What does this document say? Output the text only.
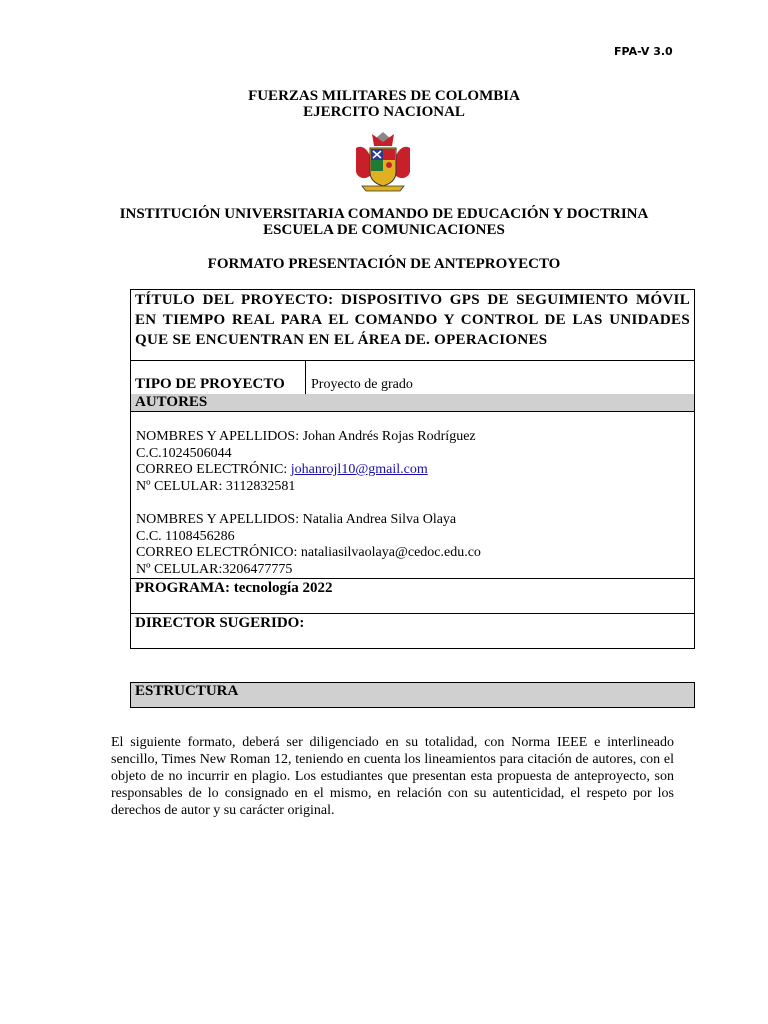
FPA-V 3.0
FUERZAS MILITARES DE COLOMBIA
EJERCITO NACIONAL
INSTITUCIÓN UNIVERSITARIA COMANDO DE EDUCACIÓN Y DOCTRINA
ESCUELA DE COMUNICACIONES
FORMATO PRESENTACIÓN DE ANTEPROYECTO
TÍTULO DEL PROYECTO: DISPOSITIVO GPS DE SEGUIMIENTO MÓVIL EN TIEMPO REAL PARA EL COMANDO Y CONTROL DE LAS UNIDADES QUE SE ENCUENTRAN EN EL ÁREA DE. OPERACIONES
TIPO DE PROYECTO Proyecto de grado
AUTORES
NOMBRES Y APELLIDOS: Johan Andrés Rojas Rodríguez
C.C.1024506044
CORREO ELECTRÓNIC: johanrojl10@gmail.com
Nº CELULAR: 3112832581
NOMBRES Y APELLIDOS: Natalia Andrea Silva Olaya
C.C. 1108456286
CORREO ELECTRÓNICO: nataliasilvaolaya@cedoc.edu.co
Nº CELULAR:3206477775
PROGRAMA: tecnología 2022
DIRECTOR SUGERIDO:
ESTRUCTURA
El siguiente formato, deberá ser diligenciado en su totalidad, con Norma IEEE e interlineado sencillo, Times New Roman 12, teniendo en cuenta los lineamientos para citación de autores, con el objeto de no incurrir en plagio. Los estudiantes que presentan esta propuesta de anteproyecto, son responsables de lo consignado en el mismo, en relación con su autenticidad, el respeto por los derechos de autor y su carácter original.
